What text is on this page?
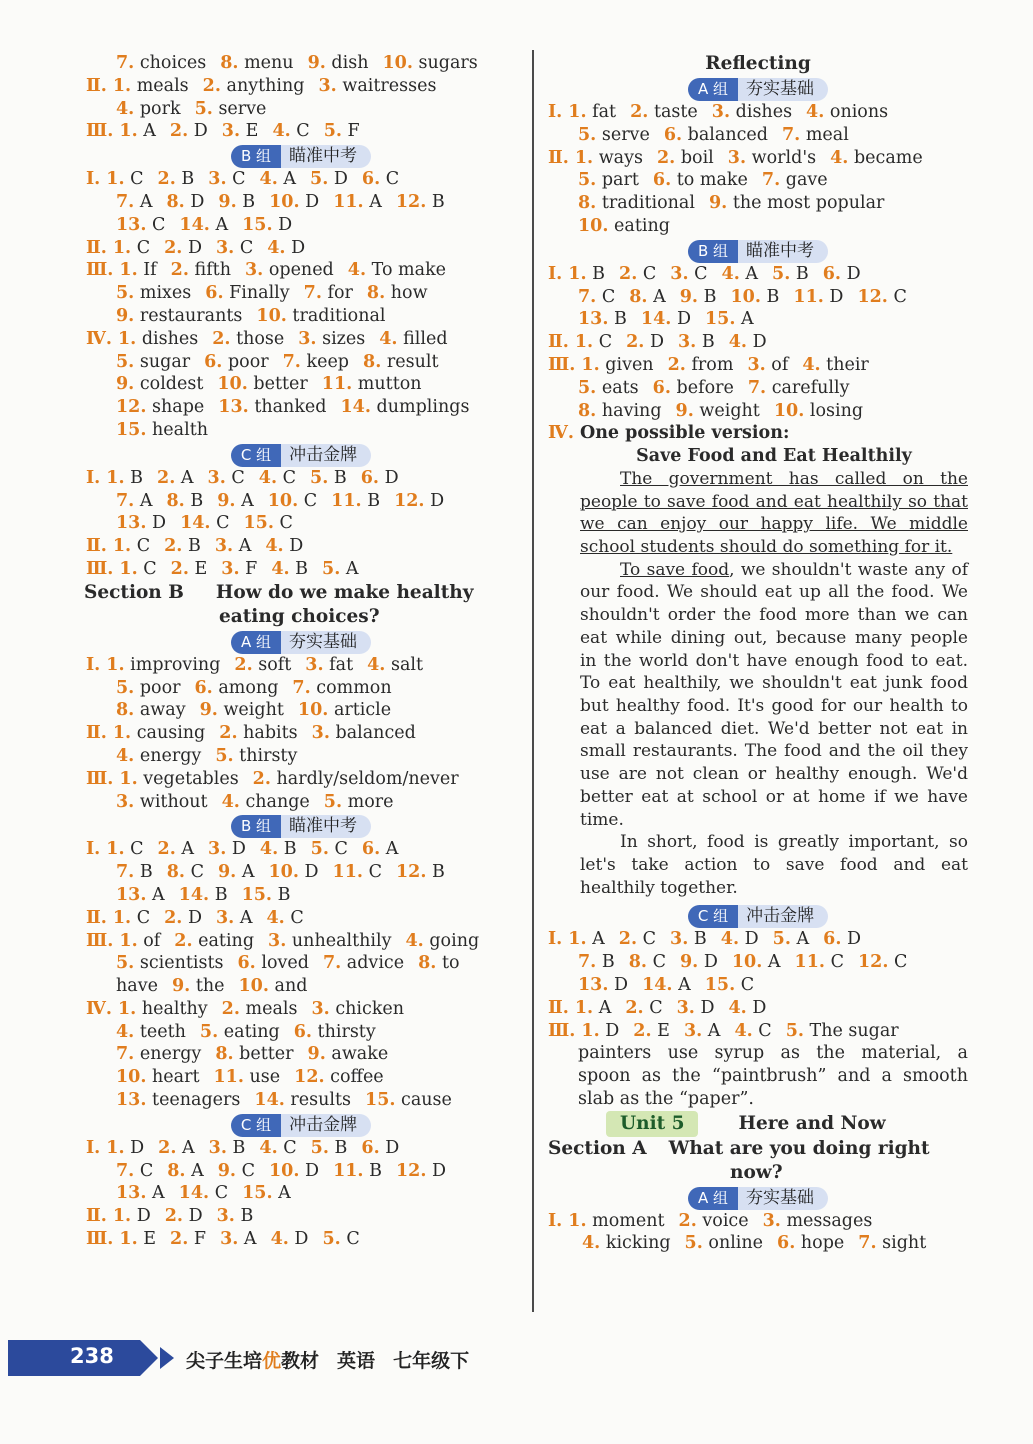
7. choices 8. menu 9. dish 10. sugars
Ⅱ. 1. meals 2. anything 3. waitresses
4. pork 5. serve
Ⅲ. 1. A 2. D 3. E 4. C 5. F
B 组 瞄准中考
Ⅰ. 1. C 2. B 3. C 4. A 5. D 6. C
7. A 8. D 9. B 10. D 11. A 12. B
13. C 14. A 15. D
Ⅱ. 1. C 2. D 3. C 4. D
Ⅲ. 1. If 2. fifth 3. opened 4. To make
5. mixes 6. Finally 7. for 8. how
9. restaurants 10. traditional
Ⅳ. 1. dishes 2. those 3. sizes 4. filled
5. sugar 6. poor 7. keep 8. result
9. coldest 10. better 11. mutton
12. shape 13. thanked 14. dumplings
15. health
C 组 冲击金牌
Ⅰ. 1. B 2. A 3. C 4. C 5. B 6. D
7. A 8. B 9. A 10. C 11. B 12. D
13. D 14. C 15. C
Ⅱ. 1. C 2. B 3. A 4. D
Ⅲ. 1. C 2. E 3. F 4. B 5. A
Section B How do we make healthy
eating choices?
A 组 夯实基础
Ⅰ. 1. improving 2. soft 3. fat 4. salt
5. poor 6. among 7. common
8. away 9. weight 10. article
Ⅱ. 1. causing 2. habits 3. balanced
4. energy 5. thirsty
Ⅲ. 1. vegetables 2. hardly/seldom/never
3. without 4. change 5. more
B 组 瞄准中考
Ⅰ. 1. C 2. A 3. D 4. B 5. C 6. A
7. B 8. C 9. A 10. D 11. C 12. B
13. A 14. B 15. B
Ⅱ. 1. C 2. D 3. A 4. C
Ⅲ. 1. of 2. eating 3. unhealthily 4. going
5. scientists 6. loved 7. advice 8. to
have 9. the 10. and
Ⅳ. 1. healthy 2. meals 3. chicken
4. teeth 5. eating 6. thirsty
7. energy 8. better 9. awake
10. heart 11. use 12. coffee
13. teenagers 14. results 15. cause
C 组 冲击金牌
Ⅰ. 1. D 2. A 3. B 4. C 5. B 6. D
7. C 8. A 9. C 10. D 11. B 12. D
13. A 14. C 15. A
Ⅱ. 1. D 2. D 3. B
Ⅲ. 1. E 2. F 3. A 4. D 5. C
Reflecting
A 组 夯实基础
Ⅰ. 1. fat 2. taste 3. dishes 4. onions
5. serve 6. balanced 7. meal
Ⅱ. 1. ways 2. boil 3. world's 4. became
5. part 6. to make 7. gave
8. traditional 9. the most popular
10. eating
B 组 瞄准中考
Ⅰ. 1. B 2. C 3. C 4. A 5. B 6. D
7. C 8. A 9. B 10. B 11. D 12. C
13. B 14. D 15. A
Ⅱ. 1. C 2. D 3. B 4. D
Ⅲ. 1. given 2. from 3. of 4. their
5. eats 6. before 7. carefully
8. having 9. weight 10. losing
Ⅳ. One possible version:
Save Food and Eat Healthily

The government has called on the people to save food and eat healthily so that we can enjoy our happy life. We middle school students should do something for it.

To save food, we shouldn't waste any of our food. We should eat up all the food. We shouldn't order the food more than we can eat while dining out, because many people in the world don't have enough food to eat. To eat healthily, we shouldn't eat junk food but healthy food. It's good for our health to eat a balanced diet. We'd better not eat in small restaurants. The food and the oil they use are not clean or healthy enough. We'd better eat at school or at home if we have time.

In short, food is greatly important, so let's take action to save food and eat healthily together.

C 组 冲击金牌
Ⅰ. 1. A 2. C 3. B 4. D 5. A 6. D
7. B 8. C 9. D 10. A 11. C 12. C
13. D 14. A 15. C
Ⅱ. 1. A 2. C 3. D 4. D
Ⅲ. 1. D 2. E 3. A 4. C 5. The sugar
painters use syrup as the material, a
spoon as the “paintbrush” and a smooth
slab as the “paper”.
Unit 5	Here and Now
Section A What are you doing right
now?
A 组 夯实基础
Ⅰ. 1. moment 2. voice 3. messages
4. kicking 5. online 6. hope 7. sight
238	尖子生培优教材 英语 七年级下
